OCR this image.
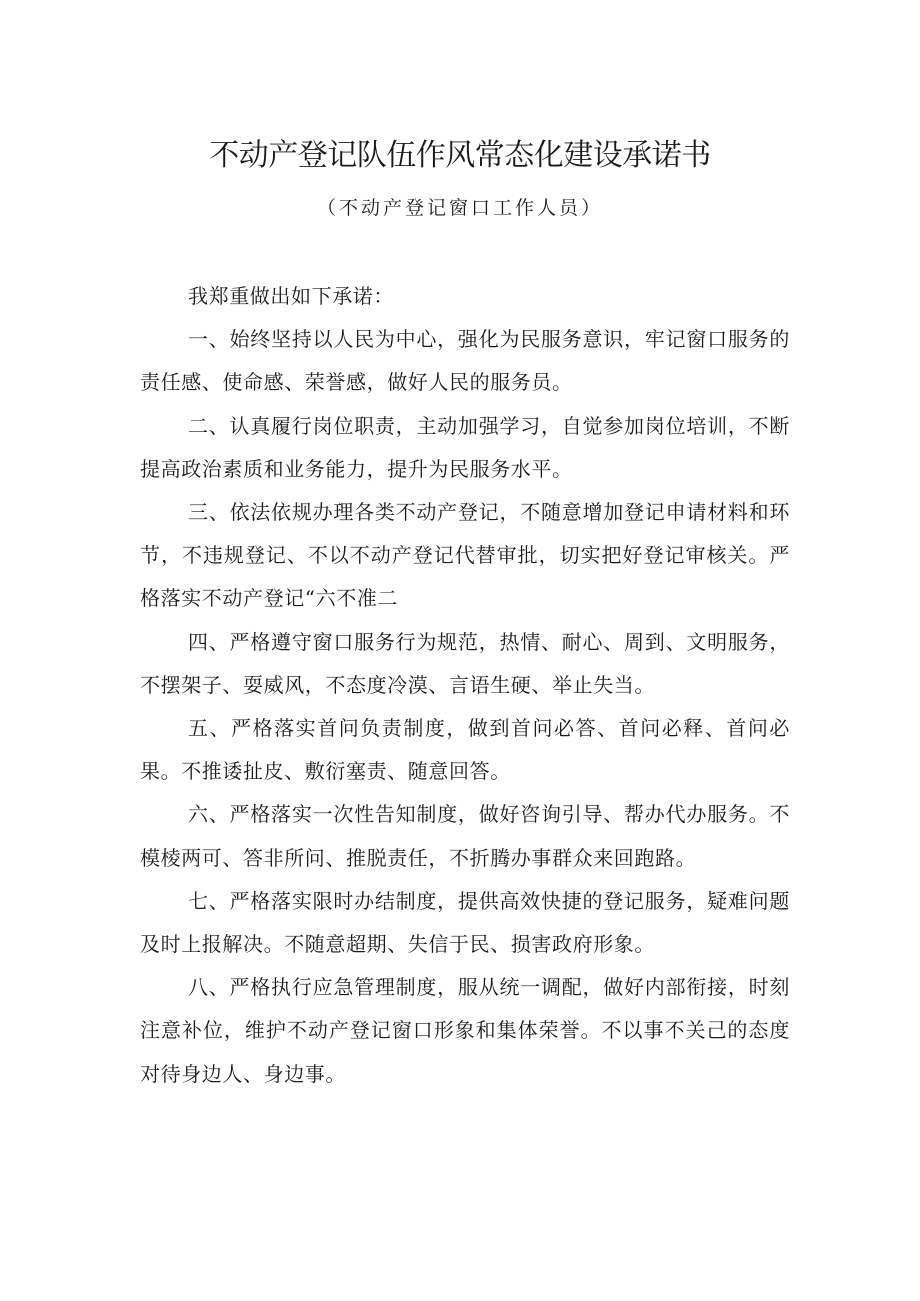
不动产登记队伍作风常态化建设承诺书
（不动产登记窗口工作人员）

我郑重做出如下承诺：

一、始终坚持以人民为中心，强化为民服务意识，牢记窗口服务的责任感、使命感、荣誉感，做好人民的服务员。

二、认真履行岗位职责，主动加强学习，自觉参加岗位培训，不断提高政治素质和业务能力，提升为民服务水平。

三、依法依规办理各类不动产登记，不随意增加登记申请材料和环节，不违规登记、不以不动产登记代替审批，切实把好登记审核关。严格落实不动产登记“六不准二

四、严格遵守窗口服务行为规范，热情、耐心、周到、文明服务，不摆架子、耍威风，不态度冷漠、言语生硬、举止失当。

五、严格落实首问负责制度，做到首问必答、首问必释、首问必果。不推诿扯皮、敷衍塞责、随意回答。

六、严格落实一次性告知制度，做好咨询引导、帮办代办服务。不模棱两可、答非所问、推脱责任，不折腾办事群众来回跑路。

七、严格落实限时办结制度，提供高效快捷的登记服务，疑难问题及时上报解决。不随意超期、失信于民、损害政府形象。

八、严格执行应急管理制度，服从统一调配，做好内部衔接，时刻注意补位，维护不动产登记窗口形象和集体荣誉。不以事不关己的态度对待身边人、身边事。
